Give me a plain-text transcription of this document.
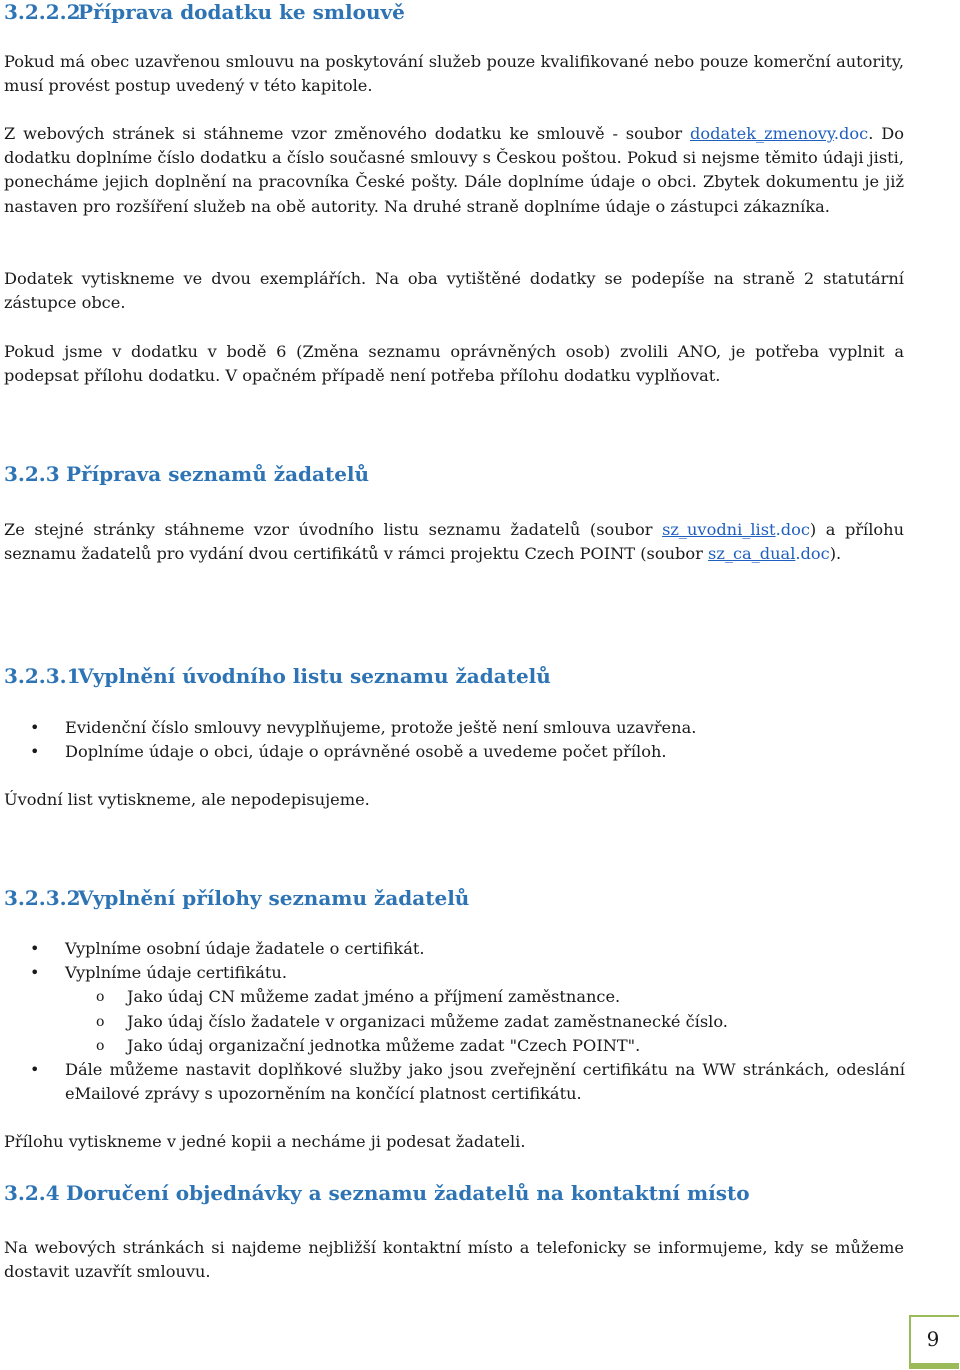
3.2.2.2Příprava dodatku ke smlouvě

Pokud má obec uzavřenou smlouvu na poskytování služeb pouze kvalifikované nebo pouze komerční autority, musí provést postup uvedený v této kapitole.

Z webových stránek si stáhneme vzor změnového dodatku ke smlouvě - soubor dodatek_zmenovy.doc. Do dodatku doplníme číslo dodatku a číslo současné smlouvy s Českou poštou. Pokud si nejsme těmito údaji jisti, ponecháme jejich doplnění na pracovníka České pošty. Dále doplníme údaje o obci. Zbytek dokumentu je již nastaven pro rozšíření služeb na obě autority. Na druhé straně doplníme údaje o zástupci zákazníka.

Dodatek vytiskneme ve dvou exemplářích. Na oba vytištěné dodatky se podepíše na straně 2 statutární zástupce obce.

Pokud jsme v dodatku v bodě 6 (Změna seznamu oprávněných osob) zvolili ANO, je potřeba vyplnit a podepsat přílohu dodatku. V opačném případě není potřeba přílohu dodatku vyplňovat.

3.2.3 Příprava seznamů žadatelů

Ze stejné stránky stáhneme vzor úvodního listu seznamu žadatelů (soubor sz_uvodni_list.doc) a přílohu seznamu žadatelů pro vydání dvou certifikátů v rámci projektu Czech POINT (soubor sz_ca_dual.doc).

3.2.3.1Vyplnění úvodního listu seznamu žadatelů
• Evidenční číslo smlouvy nevyplňujeme, protože ještě není smlouva uzavřena.
• Doplníme údaje o obci, údaje o oprávněné osobě a uvedeme počet příloh.

Úvodní list vytiskneme, ale nepodepisujeme.

3.2.3.2Vyplnění přílohy seznamu žadatelů
• Vyplníme osobní údaje žadatele o certifikát.
• Vyplníme údaje certifikátu.
o Jako údaj CN můžeme zadat jméno a příjmení zaměstnance.
o Jako údaj číslo žadatele v organizaci můžeme zadat zaměstnanecké číslo.
o Jako údaj organizační jednotka můžeme zadat "Czech POINT".
• Dále můžeme nastavit doplňkové služby jako jsou zveřejnění certifikátu na WW stránkách, odeslání eMailové zprávy s upozorněním na končící platnost certifikátu.

Přílohu vytiskneme v jedné kopii a necháme ji podesat žadateli.

3.2.4 Doručení objednávky a seznamu žadatelů na kontaktní místo

Na webových stránkách si najdeme nejbližší kontaktní místo a telefonicky se informujeme, kdy se můžeme dostavit uzavřít smlouvu.

9
